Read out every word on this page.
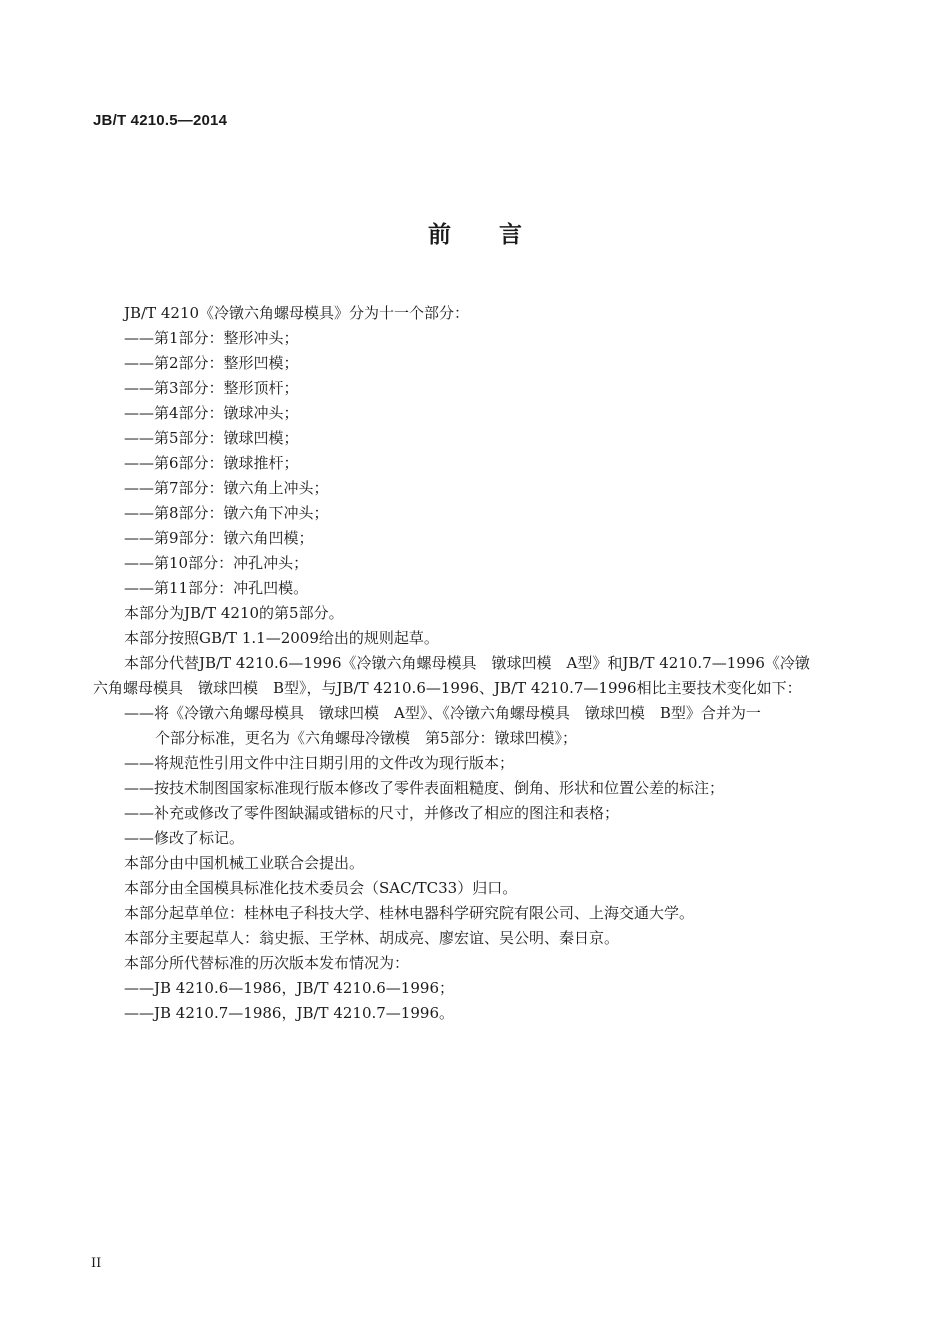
JB/T 4210.5—2014
前 言
JB/T 4210《冷镦六角螺母模具》分为十一个部分：
——第1部分：整形冲头；
——第2部分：整形凹模；
——第3部分：整形顶杆；
——第4部分：镦球冲头；
——第5部分：镦球凹模；
——第6部分：镦球推杆；
——第7部分：镦六角上冲头；
——第8部分：镦六角下冲头；
——第9部分：镦六角凹模；
——第10部分：冲孔冲头；
——第11部分：冲孔凹模。
本部分为JB/T 4210的第5部分。
本部分按照GB/T 1.1—2009给出的规则起草。
本部分代替JB/T 4210.6—1996《冷镦六角螺母模具　镦球凹模　A型》和JB/T 4210.7—1996《冷镦
六角螺母模具　镦球凹模　B型》，与JB/T 4210.6—1996、JB/T 4210.7—1996相比主要技术变化如下：
——将《冷镦六角螺母模具　镦球凹模　A型》、《冷镦六角螺母模具　镦球凹模　B型》合并为一
个部分标准，更名为《六角螺母冷镦模　第5部分：镦球凹模》；
——将规范性引用文件中注日期引用的文件改为现行版本；
——按技术制图国家标准现行版本修改了零件表面粗糙度、倒角、形状和位置公差的标注；
——补充或修改了零件图缺漏或错标的尺寸，并修改了相应的图注和表格；
——修改了标记。
本部分由中国机械工业联合会提出。
本部分由全国模具标准化技术委员会（SAC/TC33）归口。
本部分起草单位：桂林电子科技大学、桂林电器科学研究院有限公司、上海交通大学。
本部分主要起草人：翁史振、王学林、胡成亮、廖宏谊、吴公明、秦日京。
本部分所代替标准的历次版本发布情况为：
——JB 4210.6—1986，JB/T 4210.6—1996；
——JB 4210.7—1986，JB/T 4210.7—1996。
II
